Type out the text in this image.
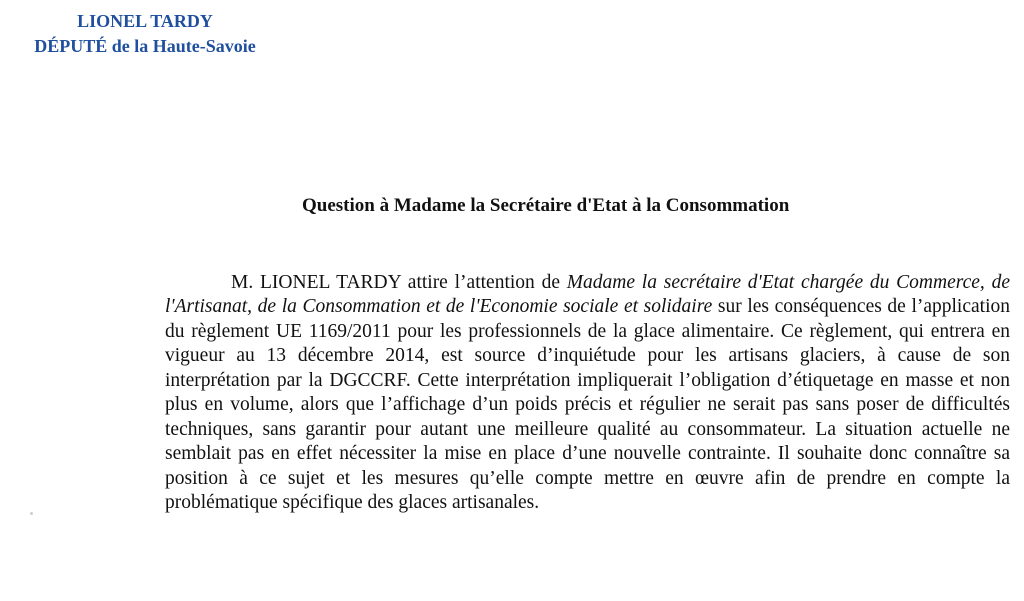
LIONEL TARDY
DÉPUTÉ de la Haute-Savoie
Question à Madame la Secrétaire d'Etat à la Consommation

M. LIONEL TARDY attire l’attention de Madame la secrétaire d'Etat chargée du Commerce, de l'Artisanat, de la Consommation et de l'Economie sociale et solidaire sur les conséquences de l’application du règlement UE 1169/2011 pour les professionnels de la glace alimentaire. Ce règlement, qui entrera en vigueur au 13 décembre 2014, est source d’inquiétude pour les artisans glaciers, à cause de son interprétation par la DGCCRF. Cette interprétation impliquerait l’obligation d’étiquetage en masse et non plus en volume, alors que l’affichage d’un poids précis et régulier ne serait pas sans poser de difficultés techniques, sans garantir pour autant une meilleure qualité au consommateur. La situation actuelle ne semblait pas en effet nécessiter la mise en place d’une nouvelle contrainte. Il souhaite donc connaître sa position à ce sujet et les mesures qu’elle compte mettre en œuvre afin de prendre en compte la problématique spécifique des glaces artisanales.
